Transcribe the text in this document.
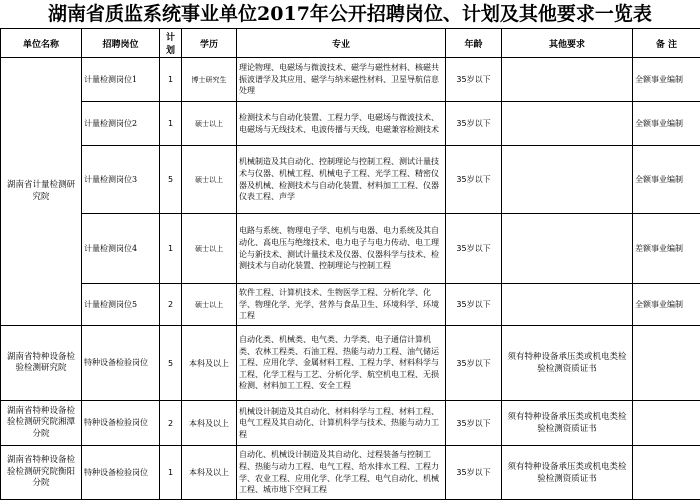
湖南省质监系统事业单位2017年公开招聘岗位、计划及其他要求一览表
单位名称	招聘岗位	计划	学历	专业	年龄	其他要求	备 注
湖南省计量检测研究院	计量检测岗位1	1	博士研究生	理论物理、电磁场与微波技术、磁学与磁性材料、核磁共振波谱学及其应用、磁学与纳米磁性材料、卫星导航信息处理	35岁以下		全额事业编制
	计量检测岗位2	1	硕士以上	检测技术与自动化装置、工程力学、电磁场与微波技术、电磁场与无线技术、电波传播与天线、电磁兼容检测技术	35岁以下		全额事业编制
	计量检测岗位3	5	硕士以上	机械制造及其自动化、控制理论与控制工程、测试计量技术与仪器、机械工程、机械电子工程、光学工程、精密仪器及机械、检测技术与自动化装置、材料加工工程、仪器仪表工程、声学	35岁以下		全额事业编制
	计量检测岗位4	1	硕士以上	电路与系统、物理电子学、电机与电器、电力系统及其自动化、高电压与绝缘技术、电力电子与电力传动、电工理论与新技术、测试计量技术及仪器、仪器科学与技术、检测技术与自动化装置、控制理论与控制工程	35岁以下		差额事业编制
	计量检测岗位5	2	硕士以上	软件工程、计算机技术、生物医学工程、分析化学、化学、物理化学、光学、营养与食品卫生、环境科学、环境工程	35岁以下		全额事业编制
湖南省特种设备检验检测研究院	特种设备检验岗位	5	本科及以上	自动化类、机械类、电气类、力学类、电子通信计算机类、农林工程类、石油工程、热能与动力工程、油气储运工程、应用化学、金属材料工程、工程力学、材料科学与工程、化学工程与工艺、分析化学、航空机电工程、无损检测、材料加工工程、安全工程	35岁以下	须有特种设备承压类或机电类检验检测资质证书	
湖南省特种设备检验检测研究院湘潭分院	特种设备检验岗位	2	本科及以上	机械设计制造及其自动化、材料科学与工程、材料工程、电气工程及其自动化、计算机科学与技术、热能与动力工程	35岁以下	须有特种设备承压类或机电类检验检测资质证书	
湖南省特种设备检验检测研究院衡阳分院	特种设备检验岗位	1	本科及以上	自动化、机械设计制造及其自动化、过程装备与控制工程、热能与动力工程、电气工程、给水排水工程、工程力学、农业工程、应用化学、化学工程、电气自动化、机械工程、城市地下空间工程	35岁以下	须有特种设备承压类或机电类检验检测资质证书	
